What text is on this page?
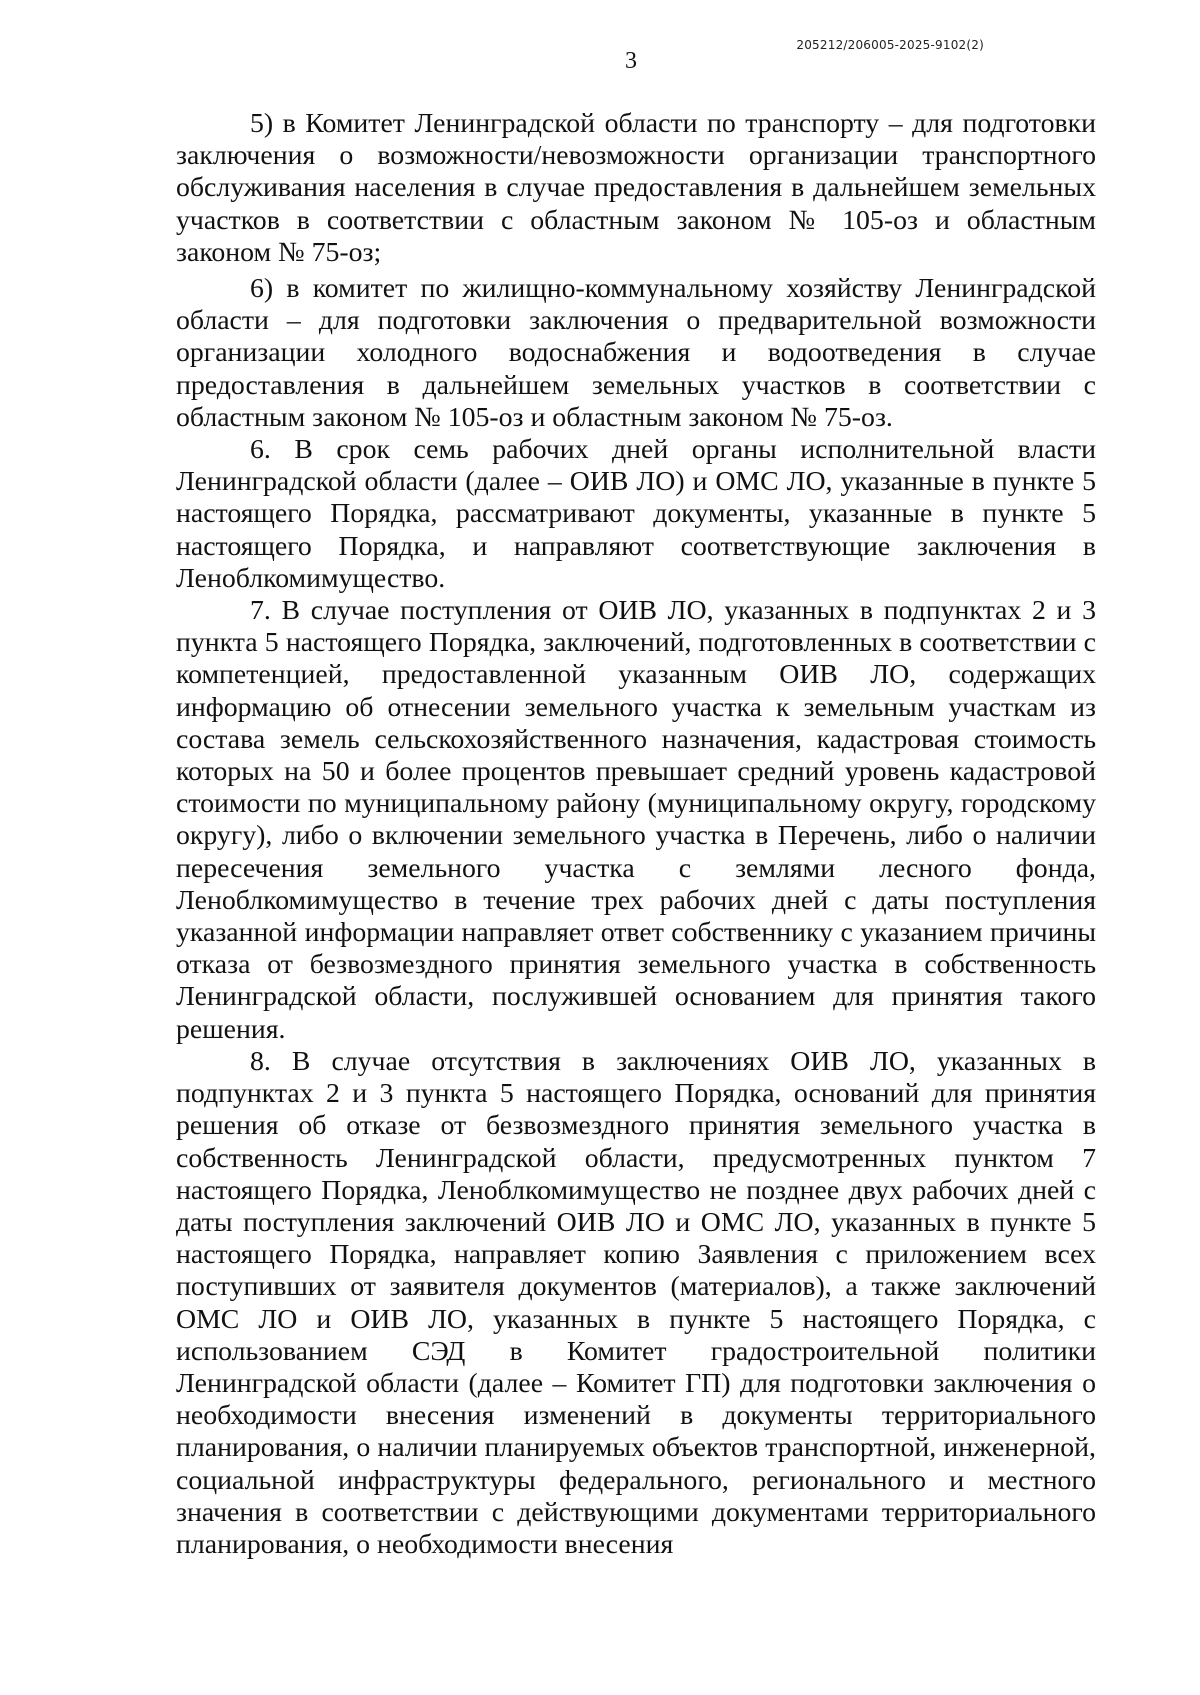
205212/206005-2025-9102(2)
3

5) в Комитет Ленинградской области по транспорту – для подготовки заключения о возможности/невозможности организации транспортного обслуживания населения в случае предоставления в дальнейшем земельных участков в соответствии с областным законом № 105-оз и областным законом № 75-оз;

6) в комитет по жилищно-коммунальному хозяйству Ленинградской области – для подготовки заключения о предварительной возможности организации холодного водоснабжения и водоотведения в случае предоставления в дальнейшем земельных участков в соответствии с областным законом № 105-оз и областным законом № 75-оз.

6. В срок семь рабочих дней органы исполнительной власти Ленинградской области (далее – ОИВ ЛО) и ОМС ЛО, указанные в пункте 5 настоящего Порядка, рассматривают документы, указанные в пункте 5 настоящего Порядка, и направляют соответствующие заключения в Леноблкомимущество.

7. В случае поступления от ОИВ ЛО, указанных в подпунктах 2 и 3 пункта 5 настоящего Порядка, заключений, подготовленных в соответствии с компетенцией, предоставленной указанным ОИВ ЛО, содержащих информацию об отнесении земельного участка к земельным участкам из состава земель сельскохозяйственного назначения, кадастровая стоимость которых на 50 и более процентов превышает средний уровень кадастровой стоимости по муниципальному району (муниципальному округу, городскому округу), либо о включении земельного участка в Перечень, либо о наличии пересечения земельного участка с землями лесного фонда, Леноблкомимущество в течение трех рабочих дней с даты поступления указанной информации направляет ответ собственнику с указанием причины отказа от безвозмездного принятия земельного участка в собственность Ленинградской области, послужившей основанием для принятия такого решения.

8. В случае отсутствия в заключениях ОИВ ЛО, указанных в подпунктах 2 и 3 пункта 5 настоящего Порядка, оснований для принятия решения об отказе от безвозмездного принятия земельного участка в собственность Ленинградской области, предусмотренных пунктом 7 настоящего Порядка, Леноблкомимущество не позднее двух рабочих дней с даты поступления заключений ОИВ ЛО и ОМС ЛО, указанных в пункте 5 настоящего Порядка, направляет копию Заявления с приложением всех поступивших от заявителя документов (материалов), а также заключений ОМС ЛО и ОИВ ЛО, указанных в пункте 5 настоящего Порядка, с использованием СЭД в Комитет градостроительной политики Ленинградской области (далее – Комитет ГП) для подготовки заключения о необходимости внесения изменений в документы территориального планирования, о наличии планируемых объектов транспортной, инженерной, социальной инфраструктуры федерального, регионального и местного значения в соответствии с действующими документами территориального планирования, о необходимости внесения
